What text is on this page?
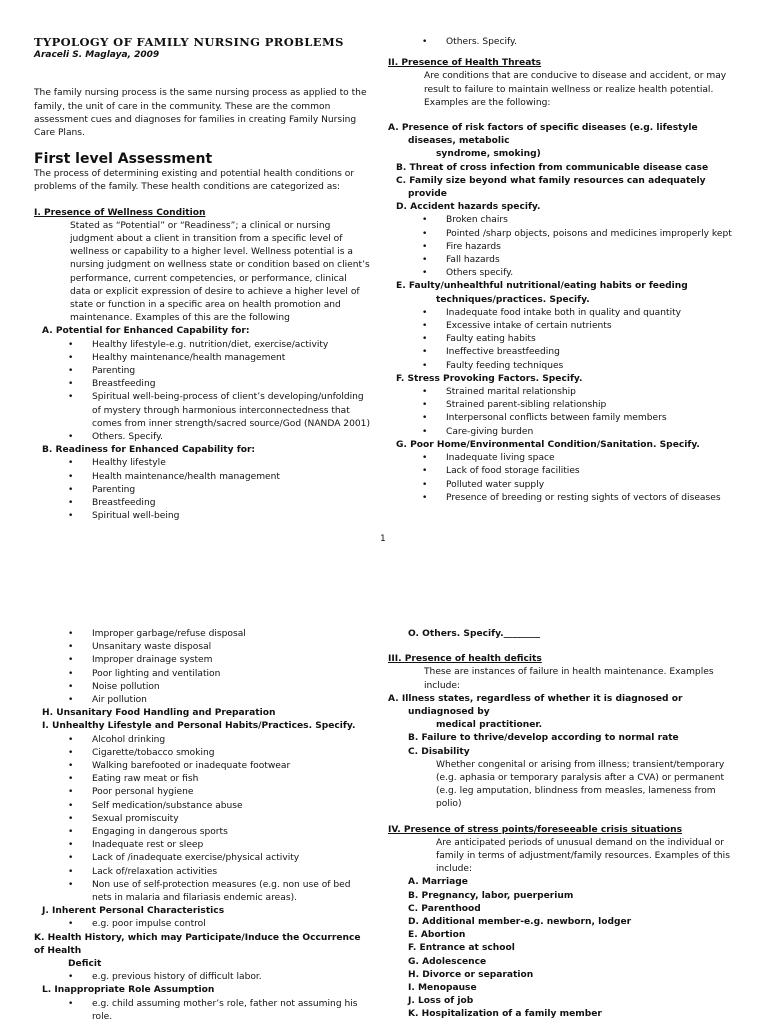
TYPOLOGY OF FAMILY NURSING PROBLEMS
Araceli S. Maglaya, 2009
The family nursing process is the same nursing process as applied to the family, the unit of care in the community. These are the common assessment cues and diagnoses for families in creating Family Nursing Care Plans.
First level Assessment
The process of determining existing and potential health conditions or problems of the family. These health conditions are categorized as:
I. Presence of Wellness Condition
Stated as “Potential” or “Readiness”; a clinical or nursing judgment about a client in transition from a specific level of wellness or capability to a higher level. Wellness potential is a nursing judgment on wellness state or condition based on client’s performance, current competencies, or performance, clinical data or explicit expression of desire to achieve a higher level of state or function in a specific area on health promotion and maintenance. Examples of this are the following
A. Potential for Enhanced Capability for:
• Healthy lifestyle-e.g. nutrition/diet, exercise/activity
• Healthy maintenance/health management
• Parenting
• Breastfeeding
• Spiritual well-being-process of client’s developing/unfolding of mystery through harmonious interconnectedness that comes from inner strength/sacred source/God (NANDA 2001)
• Others. Specify.
B. Readiness for Enhanced Capability for:
• Healthy lifestyle
• Health maintenance/health management
• Parenting
• Breastfeeding
• Spiritual well-being
• Others. Specify.
II. Presence of Health Threats
Are conditions that are conducive to disease and accident, or may result to failure to maintain wellness or realize health potential. Examples are the following:
A. Presence of risk factors of specific diseases (e.g. lifestyle diseases, metabolic
syndrome, smoking)
B. Threat of cross infection from communicable disease case
C. Family size beyond what family resources can adequately provide
D. Accident hazards specify.
• Broken chairs
• Pointed /sharp objects, poisons and medicines improperly kept
• Fire hazards
• Fall hazards
• Others specify.
E. Faulty/unhealthful nutritional/eating habits or feeding
techniques/practices. Specify.
• Inadequate food intake both in quality and quantity
• Excessive intake of certain nutrients
• Faulty eating habits
• Ineffective breastfeeding
• Faulty feeding techniques
F. Stress Provoking Factors. Specify.
• Strained marital relationship
• Strained parent-sibling relationship
• Interpersonal conflicts between family members
• Care-giving burden
G. Poor Home/Environmental Condition/Sanitation. Specify.
• Inadequate living space
• Lack of food storage facilities
• Polluted water supply
• Presence of breeding or resting sights of vectors of diseases
1
• Improper garbage/refuse disposal
• Unsanitary waste disposal
• Improper drainage system
• Poor lighting and ventilation
• Noise pollution
• Air pollution
H. Unsanitary Food Handling and Preparation
I. Unhealthy Lifestyle and Personal Habits/Practices. Specify.
• Alcohol drinking
• Cigarette/tobacco smoking
• Walking barefooted or inadequate footwear
• Eating raw meat or fish
• Poor personal hygiene
• Self medication/substance abuse
• Sexual promiscuity
• Engaging in dangerous sports
• Inadequate rest or sleep
• Lack of /inadequate exercise/physical activity
• Lack of/relaxation activities
• Non use of self-protection measures (e.g. non use of bed nets in malaria and filariasis endemic areas).
J. Inherent Personal Characteristics
• e.g. poor impulse control
K. Health History, which may Participate/Induce the Occurrence of Health
Deficit
• e.g. previous history of difficult labor.
L. Inappropriate Role Assumption
• e.g. child assuming mother’s role, father not assuming his role.
O. Others. Specify.________
III. Presence of health deficits
These are instances of failure in health maintenance. Examples include:
A. Illness states, regardless of whether it is diagnosed or undiagnosed by
medical practitioner.
B. Failure to thrive/develop according to normal rate
C. Disability
Whether congenital or arising from illness; transient/temporary (e.g. aphasia or temporary paralysis after a CVA) or permanent (e.g. leg amputation, blindness from measles, lameness from polio)
IV. Presence of stress points/foreseeable crisis situations
Are anticipated periods of unusual demand on the individual or family in terms of adjustment/family resources. Examples of this include:
A. Marriage
B. Pregnancy, labor, puerperium
C. Parenthood
D. Additional member-e.g. newborn, lodger
E. Abortion
F. Entrance at school
G. Adolescence
H. Divorce or separation
I. Menopause
J. Loss of job
K. Hospitalization of a family member
